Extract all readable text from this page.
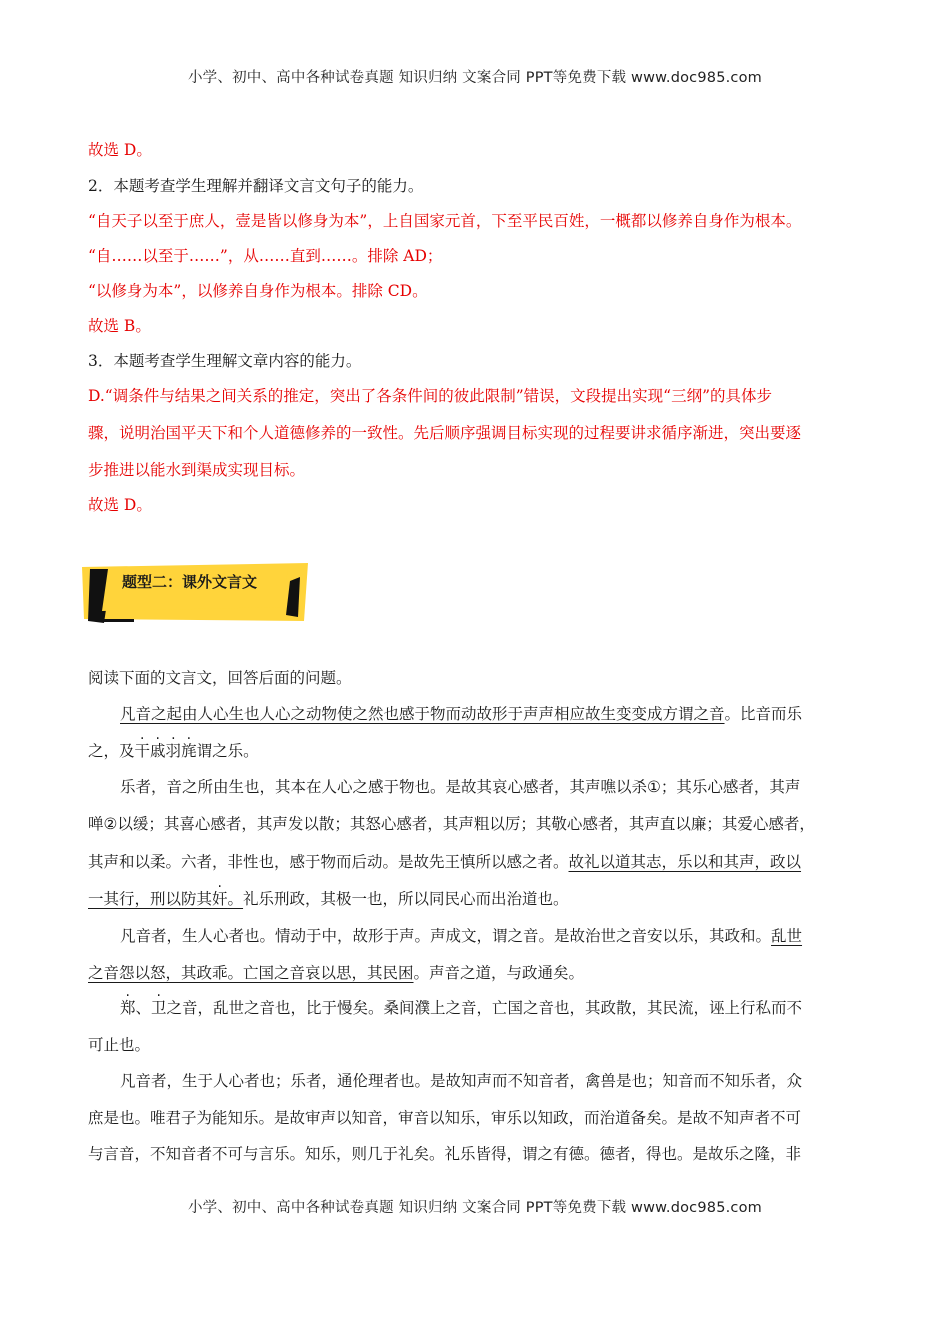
小学、初中、高中各种试卷真题 知识归纳 文案合同 PPT等免费下载 www.doc985.com
故选 D。
2．本题考查学生理解并翻译文言文句子的能力。
“自天子以至于庶人，壹是皆以修身为本”，上自国家元首，下至平民百姓，一概都以修养自身作为根本。
“自……以至于……”，从……直到……。排除 AD；
“以修身为本”，以修养自身作为根本。排除 CD。
故选 B。
3．本题考查学生理解文章内容的能力。
D.“调条件与结果之间关系的推定，突出了各条件间的彼此限制”错误，文段提出实现“三纲”的具体步
骤，说明治国平天下和个人道德修养的一致性。先后顺序强调目标实现的过程要讲求循序渐进，突出要逐
步推进以能水到渠成实现目标。
故选 D。
题型二：课外文言文
阅读下面的文言文，回答后面的问题。
凡音之起由人心生也人心之动物使之然也感于物而动故形于声声相应故生变变成方谓之音。比音而乐
之，及干戚羽旄谓之乐。
乐者，音之所由生也，其本在人心之感于物也。是故其哀心感者，其声噍以杀①；其乐心感者，其声
啴②以缓；其喜心感者，其声发以散；其怒心感者，其声粗以厉；其敬心感者，其声直以廉；其爱心感者，
其声和以柔。六者，非性也，感于物而后动。是故先王慎所以感之者。故礼以道其志，乐以和其声，政以
一其行，刑以防其奸。礼乐刑政，其极一也，所以同民心而出治道也。
凡音者，生人心者也。情动于中，故形于声。声成文，谓之音。是故治世之音安以乐，其政和。乱世
之音怨以怒，其政乖。亡国之音哀以思，其民困。声音之道，与政通矣。
郑、卫之音，乱世之音也，比于慢矣。桑间濮上之音，亡国之音也，其政散，其民流，诬上行私而不
可止也。
凡音者，生于人心者也；乐者，通伦理者也。是故知声而不知音者，禽兽是也；知音而不知乐者，众
庶是也。唯君子为能知乐。是故审声以知音，审音以知乐，审乐以知政，而治道备矣。是故不知声者不可
与言音，不知音者不可与言乐。知乐，则几于礼矣。礼乐皆得，谓之有德。德者，得也。是故乐之隆，非
小学、初中、高中各种试卷真题 知识归纳 文案合同 PPT等免费下载 www.doc985.com
